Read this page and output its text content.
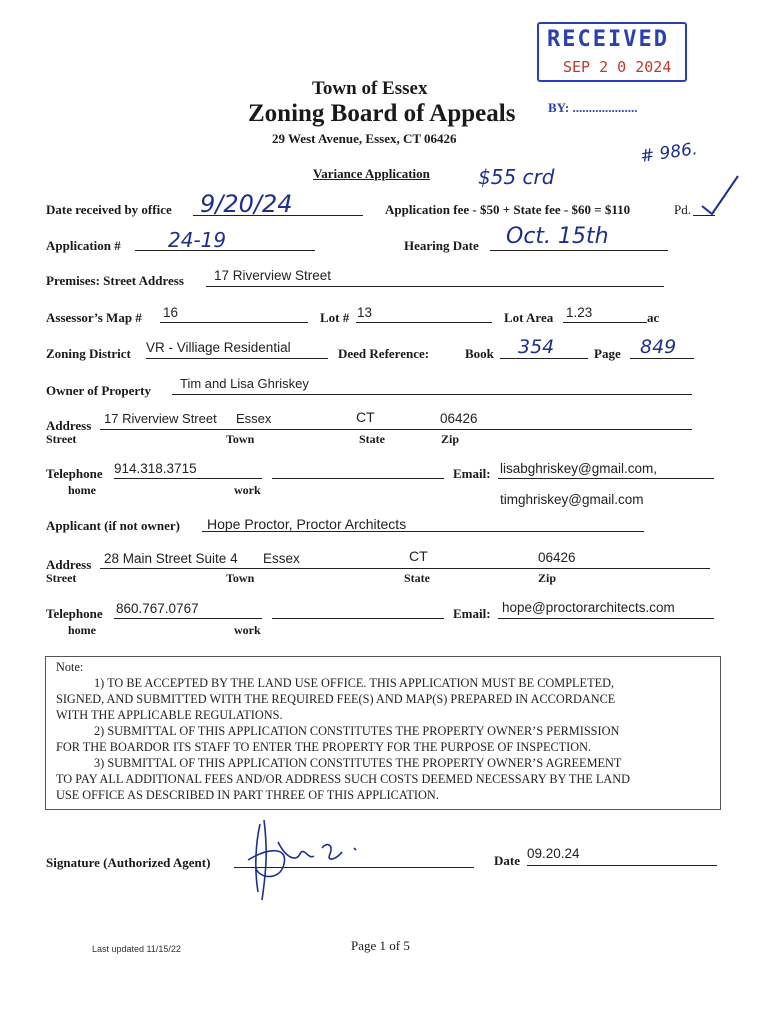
RECEIVED
SEP 2 0 2024
BY: ....................
Town of Essex
Zoning Board of Appeals
29 West Avenue, Essex, CT 06426
Variance Application $55 crd
# 986.
Date received by office 9/20/24	Application fee - $50 + State fee - $60 = $110	Pd.
Application # 24-19	Hearing Date Oct. 15th
Premises: Street Address 17 Riverview Street
Assessor’s Map # 16	Lot # 13	Lot Area 1.23	ac
Zoning District VR - Villiage Residential	Deed Reference:	Book 354	Page 849
Owner of Property Tim and Lisa Ghriskey
Address 17 Riverview Street Essex	CT	06426
Street	Town	State	Zip
Telephone 914.318.3715
home	work
Email: lisabghriskey@gmail.com,
timghriskey@gmail.com
Applicant (if not owner) Hope Proctor, Proctor Architects
Address 28 Main Street Suite 4 Essex	CT	06426
Street	Town	State	Zip
Telephone 860.767.0767
home	work
Email: hope@proctorarchitects.com
Note:
1) TO BE ACCEPTED BY THE LAND USE OFFICE. THIS APPLICATION MUST BE COMPLETED,
SIGNED, AND SUBMITTED WITH THE REQUIRED FEE(S) AND MAP(S) PREPARED IN ACCORDANCE
WITH THE APPLICABLE REGULATIONS.
2) SUBMITTAL OF THIS APPLICATION CONSTITUTES THE PROPERTY OWNER’S PERMISSION
FOR THE BOARDOR ITS STAFF TO ENTER THE PROPERTY FOR THE PURPOSE OF INSPECTION.
3) SUBMITTAL OF THIS APPLICATION CONSTITUTES THE PROPERTY OWNER’S AGREEMENT
TO PAY ALL ADDITIONAL FEES AND/OR ADDRESS SUCH COSTS DEEMED NECESSARY BY THE LAND
USE OFFICE AS DESCRIBED IN PART THREE OF THIS APPLICATION.
Signature (Authorized Agent)	Date 09.20.24
Last updated 11/15/22	Page 1 of 5
